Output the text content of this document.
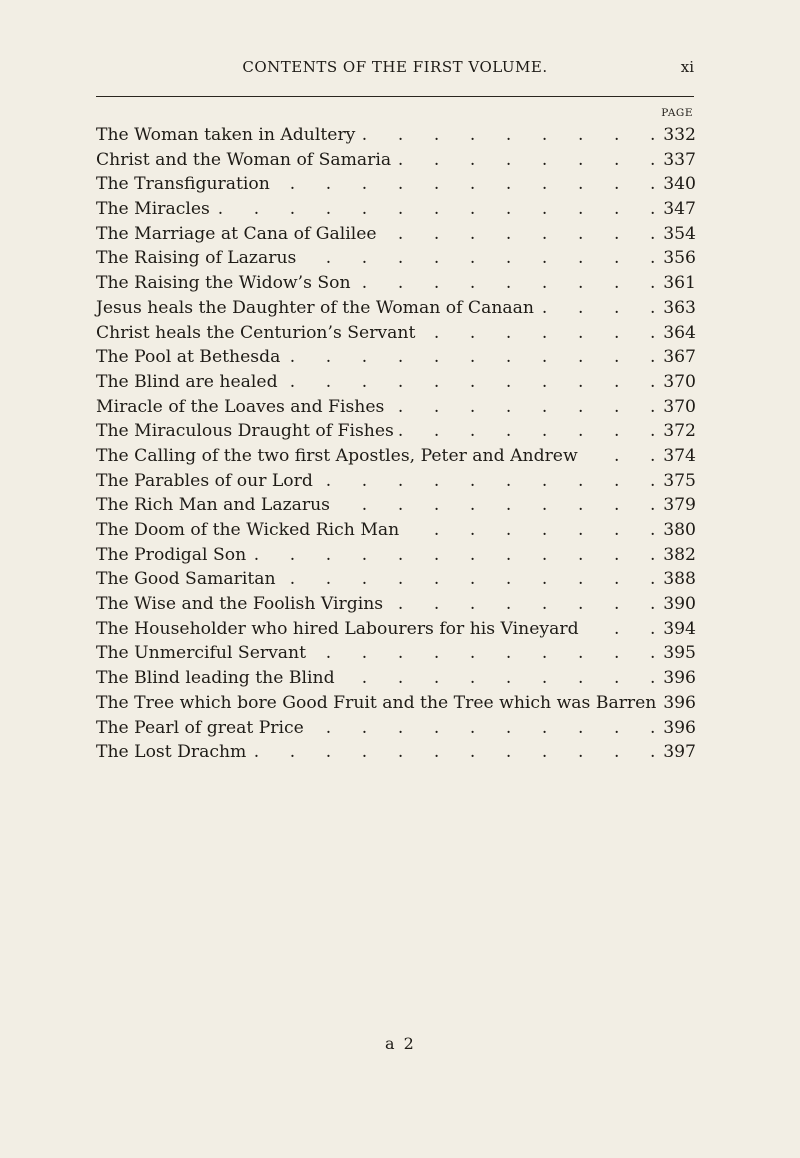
CONTENTS OF THE FIRST VOLUME.	xi
PAGE
.
The Woman taken in Adultery	332
.
Christ and the Woman of Samaria	337
.
The Transfiguration	340
.
The Miracles	347
.
The Marriage at Cana of Galilee	354
.
The Raising of Lazarus	356
.
The Raising the Widow’s Son	361
.
Jesus heals the Daughter of the Woman of Canaan	363
.
Christ heals the Centurion’s Servant	364
.
The Pool at Bethesda	367
.
The Blind are healed	370
.
Miracle of the Loaves and Fishes	370
.
The Miraculous Draught of Fishes	372
.
The Calling of the two first Apostles, Peter and Andrew	374
.
The Parables of our Lord	375
.
The Rich Man and Lazarus	379
.
The Doom of the Wicked Rich Man	380
.
The Prodigal Son	382
.
The Good Samaritan	388
.
The Wise and the Foolish Virgins	390
.
The Householder who hired Labourers for his Vineyard	394
.
The Unmerciful Servant	395
.
The Blind leading the Blind	396
.
The Tree which bore Good Fruit and the Tree which was Barren 396
.
The Pearl of great Price	396
.
The Lost Drachm	397
a 2
